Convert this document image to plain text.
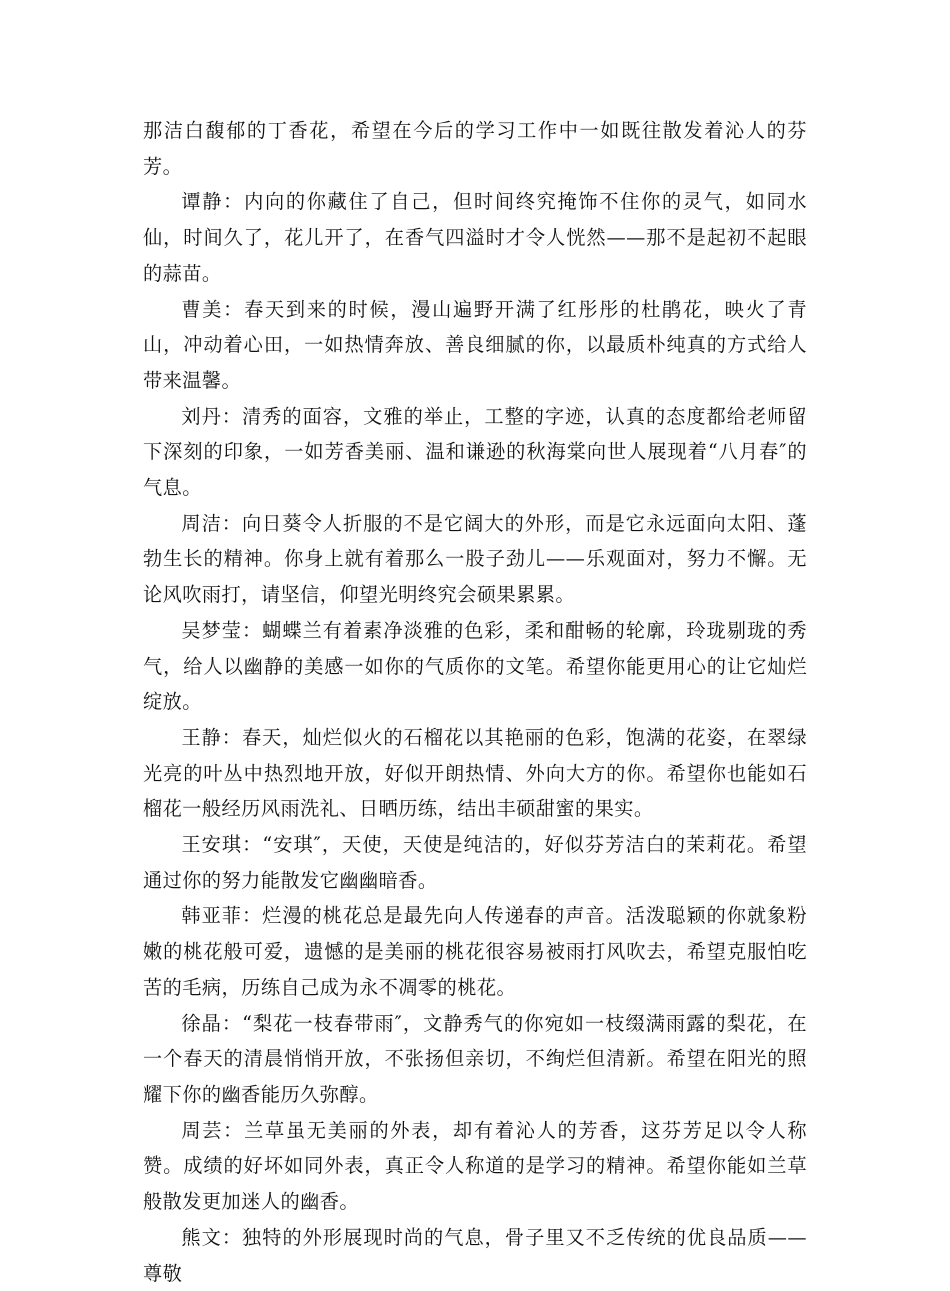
那洁白馥郁的丁香花，希望在今后的学习工作中一如既往散发着沁人的芬芳。

谭静：内向的你藏住了自己，但时间终究掩饰不住你的灵气，如同水仙，时间久了，花儿开了，在香气四溢时才令人恍然——那不是起初不起眼的蒜苗。

曹美：春天到来的时候，漫山遍野开满了红彤彤的杜鹃花，映火了青山，冲动着心田，一如热情奔放、善良细腻的你，以最质朴纯真的方式给人带来温馨。

刘丹：清秀的面容，文雅的举止，工整的字迹，认真的态度都给老师留下深刻的印象，一如芳香美丽、温和谦逊的秋海棠向世人展现着“八月春″的气息。

周洁：向日葵令人折服的不是它阔大的外形，而是它永远面向太阳、蓬勃生长的精神。你身上就有着那么一股子劲儿——乐观面对，努力不懈。无论风吹雨打，请坚信，仰望光明终究会硕果累累。

吴梦莹：蝴蝶兰有着素净淡雅的色彩，柔和酣畅的轮廓，玲珑剔珑的秀气，给人以幽静的美感一如你的气质你的文笔。希望你能更用心的让它灿烂绽放。

王静：春天，灿烂似火的石榴花以其艳丽的色彩，饱满的花姿，在翠绿光亮的叶丛中热烈地开放，好似开朗热情、外向大方的你。希望你也能如石榴花一般经历风雨洗礼、日晒历练，结出丰硕甜蜜的果实。

王安琪：“安琪″，天使，天使是纯洁的，好似芬芳洁白的茉莉花。希望通过你的努力能散发它幽幽暗香。

韩亚菲：烂漫的桃花总是最先向人传递春的声音。活泼聪颖的你就象粉嫩的桃花般可爱，遗憾的是美丽的桃花很容易被雨打风吹去，希望克服怕吃苦的毛病，历练自己成为永不凋零的桃花。

徐晶：“梨花一枝春带雨″，文静秀气的你宛如一枝缀满雨露的梨花，在一个春天的清晨悄悄开放，不张扬但亲切，不绚烂但清新。希望在阳光的照耀下你的幽香能历久弥醇。

周芸：兰草虽无美丽的外表，却有着沁人的芳香，这芬芳足以令人称赞。成绩的好坏如同外表，真正令人称道的是学习的精神。希望你能如兰草般散发更加迷人的幽香。

熊文：独特的外形展现时尚的气息，骨子里又不乏传统的优良品质——尊敬
